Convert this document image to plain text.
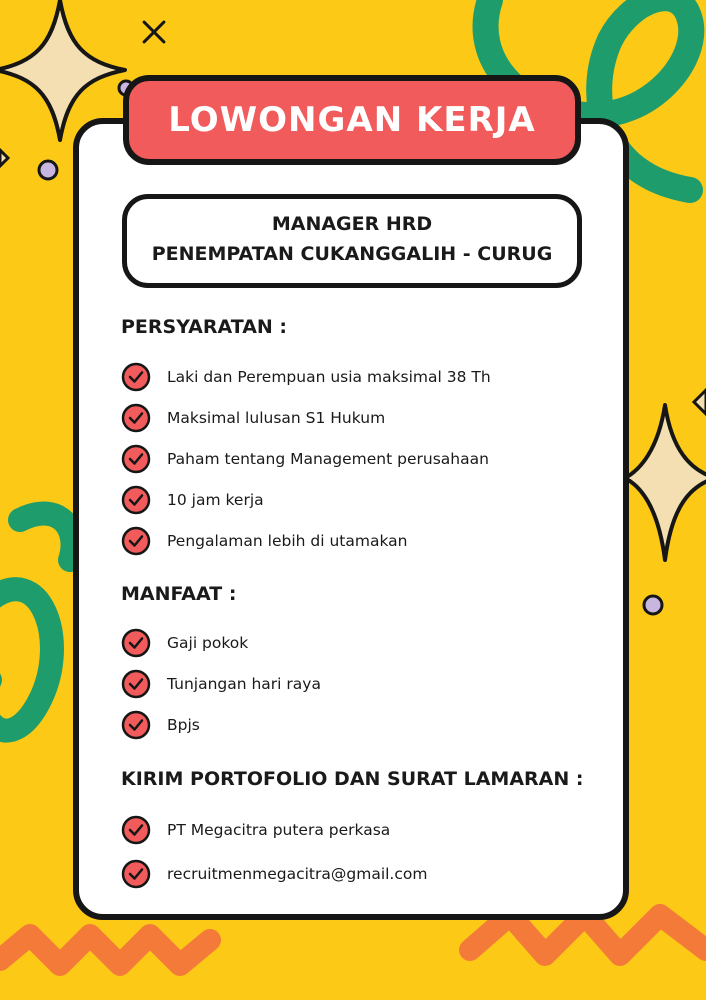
LOWONGAN KERJA
MANAGER HRD
PENEMPATAN CUKANGGALIH - CURUG
PERSYARATAN :
Laki dan Perempuan usia maksimal 38 Th
Maksimal lulusan S1 Hukum
Paham tentang Management perusahaan
10 jam kerja
Pengalaman lebih di utamakan
MANFAAT :
Gaji pokok
Tunjangan hari raya
Bpjs
KIRIM PORTOFOLIO DAN SURAT LAMARAN :
PT Megacitra putera perkasa
recruitmenmegacitra@gmail.com
